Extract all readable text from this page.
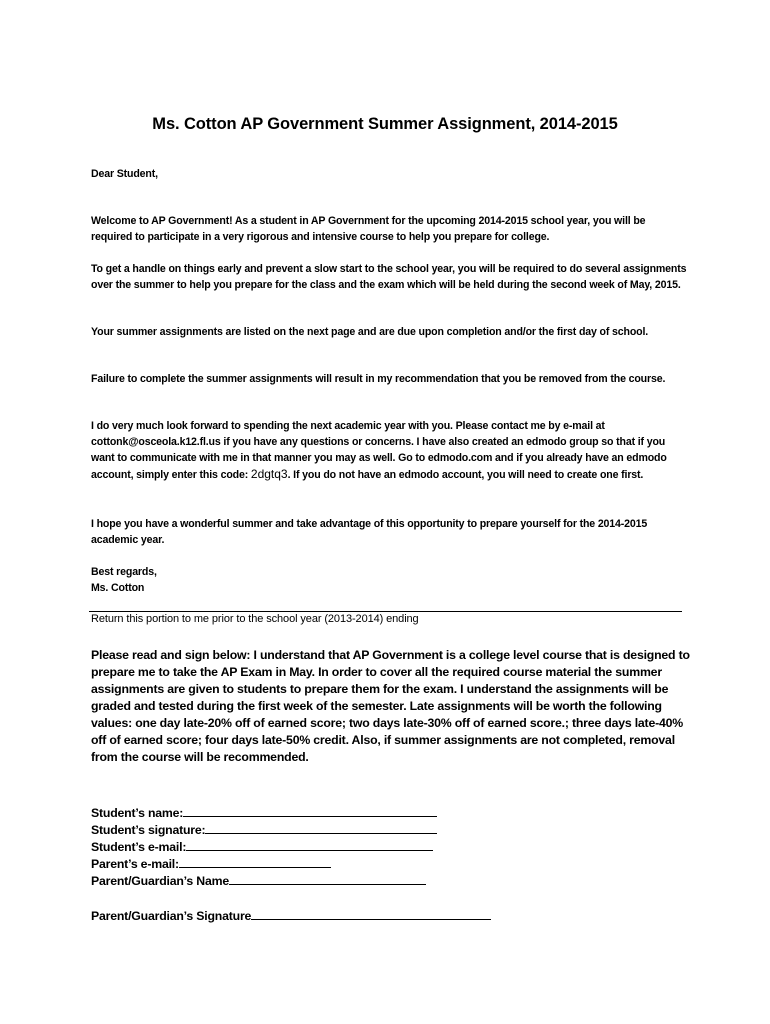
Ms. Cotton AP Government Summer Assignment, 2014-2015
Dear Student,
Welcome to AP Government! As a student in AP Government for the upcoming 2014-2015 school year, you will be required to participate in a very rigorous and intensive course to help you prepare for college.
To get a handle on things early and prevent a slow start to the school year, you will be required to do several assignments over the summer to help you prepare for the class and the exam which will be held during the second week of May, 2015.
Your summer assignments are listed on the next page and are due upon completion and/or the first day of school.
Failure to complete the summer assignments will result in my recommendation that you be removed from the course.
I do very much look forward to spending the next academic year with you. Please contact me by e-mail at cottonk@osceola.k12.fl.us if you have any questions or concerns. I have also created an edmodo group so that if you want to communicate with me in that manner you may as well. Go to edmodo.com and if you already have an edmodo account, simply enter this code: 2dgtq3. If you do not have an edmodo account, you will need to create one first.
I hope you have a wonderful summer and take advantage of this opportunity to prepare yourself for the 2014-2015 academic year.
Best regards,
Ms. Cotton
Return this portion to me prior to the school year (2013-2014) ending
Please read and sign below: I understand that AP Government is a college level course that is designed to prepare me to take the AP Exam in May. In order to cover all the required course material the summer assignments are given to students to prepare them for the exam. I understand the assignments will be graded and tested during the first week of the semester. Late assignments will be worth the following values: one day late-20% off of earned score; two days late-30% off of earned score.; three days late-40% off of earned score; four days late-50% credit. Also, if summer assignments are not completed, removal from the course will be recommended.
Student’s name:
Student’s signature:
Student’s e-mail:
Parent’s e-mail:
Parent/Guardian’s Name
Parent/Guardian’s Signature
